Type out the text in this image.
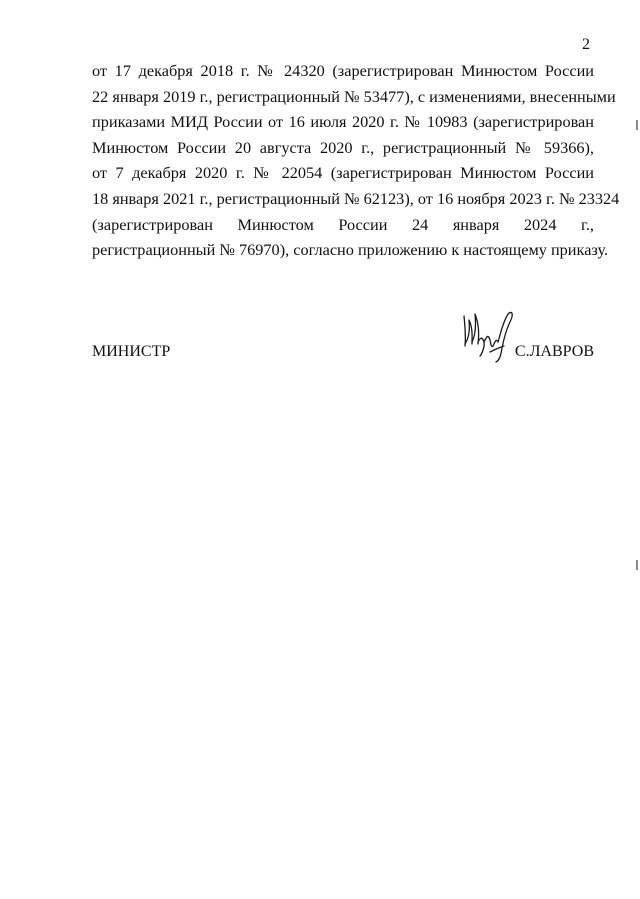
2
от 17 декабря 2018 г. № 24320 (зарегистрирован Минюстом России
22 января 2019 г., регистрационный № 53477), с изменениями, внесенными
приказами МИД России от 16 июля 2020 г. № 10983 (зарегистрирован
Минюстом России 20 августа 2020 г., регистрационный № 59366),
от 7 декабря 2020 г. № 22054 (зарегистрирован Минюстом России
18 января 2021 г., регистрационный № 62123), от 16 ноября 2023 г. № 23324
(зарегистрирован Минюстом России 24 января 2024 г.,
регистрационный № 76970), согласно приложению к настоящему приказу.
МИНИСТР	С.ЛАВРОВ
